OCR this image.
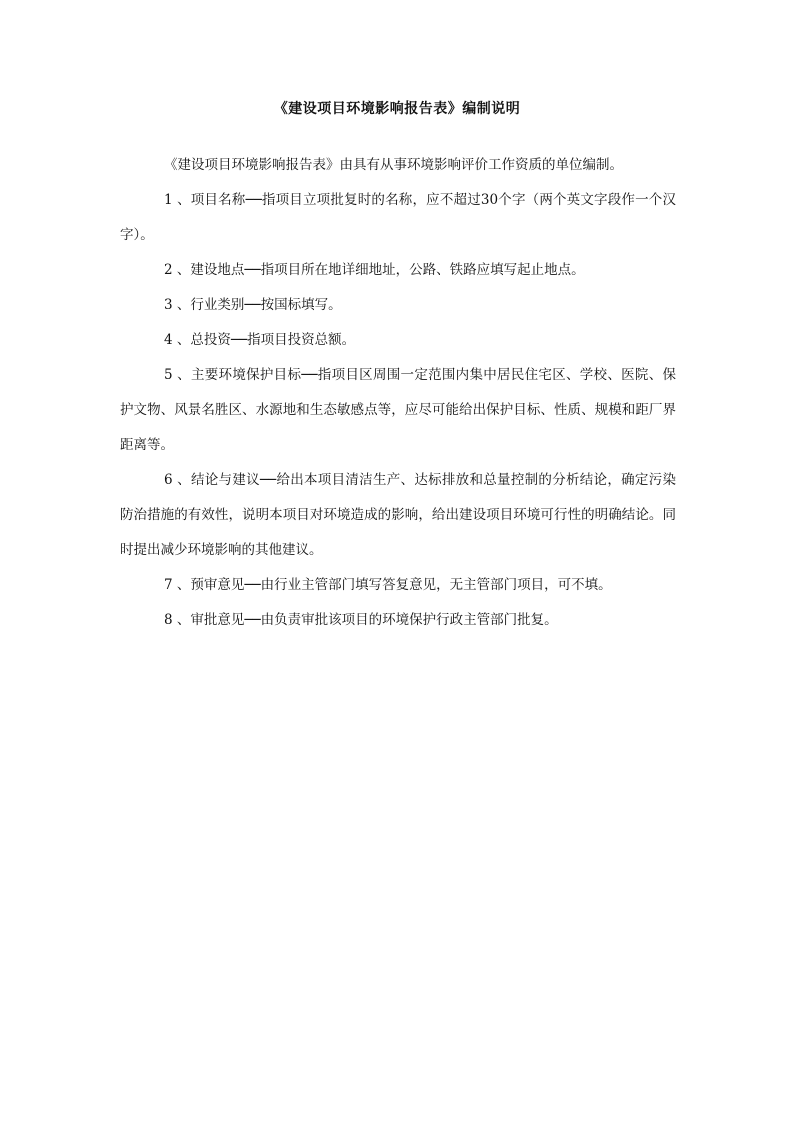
《建设项目环境影响报告表》编制说明

《建设项目环境影响报告表》由具有从事环境影响评价工作资质的单位编制。

1 、项目名称──指项目立项批复时的名称，应不超过30个字（两个英文字段作一个汉字）。

2 、建设地点──指项目所在地详细地址，公路、铁路应填写起止地点。

3 、行业类别──按国标填写。

4 、总投资──指项目投资总额。

5 、主要环境保护目标──指项目区周围一定范围内集中居民住宅区、学校、医院、保护文物、风景名胜区、水源地和生态敏感点等，应尽可能给出保护目标、性质、规模和距厂界距离等。

6 、结论与建议──给出本项目清洁生产、达标排放和总量控制的分析结论，确定污染防治措施的有效性，说明本项目对环境造成的影响，给出建设项目环境可行性的明确结论。同时提出减少环境影响的其他建议。

7 、预审意见──由行业主管部门填写答复意见，无主管部门项目，可不填。

8 、审批意见──由负责审批该项目的环境保护行政主管部门批复。
